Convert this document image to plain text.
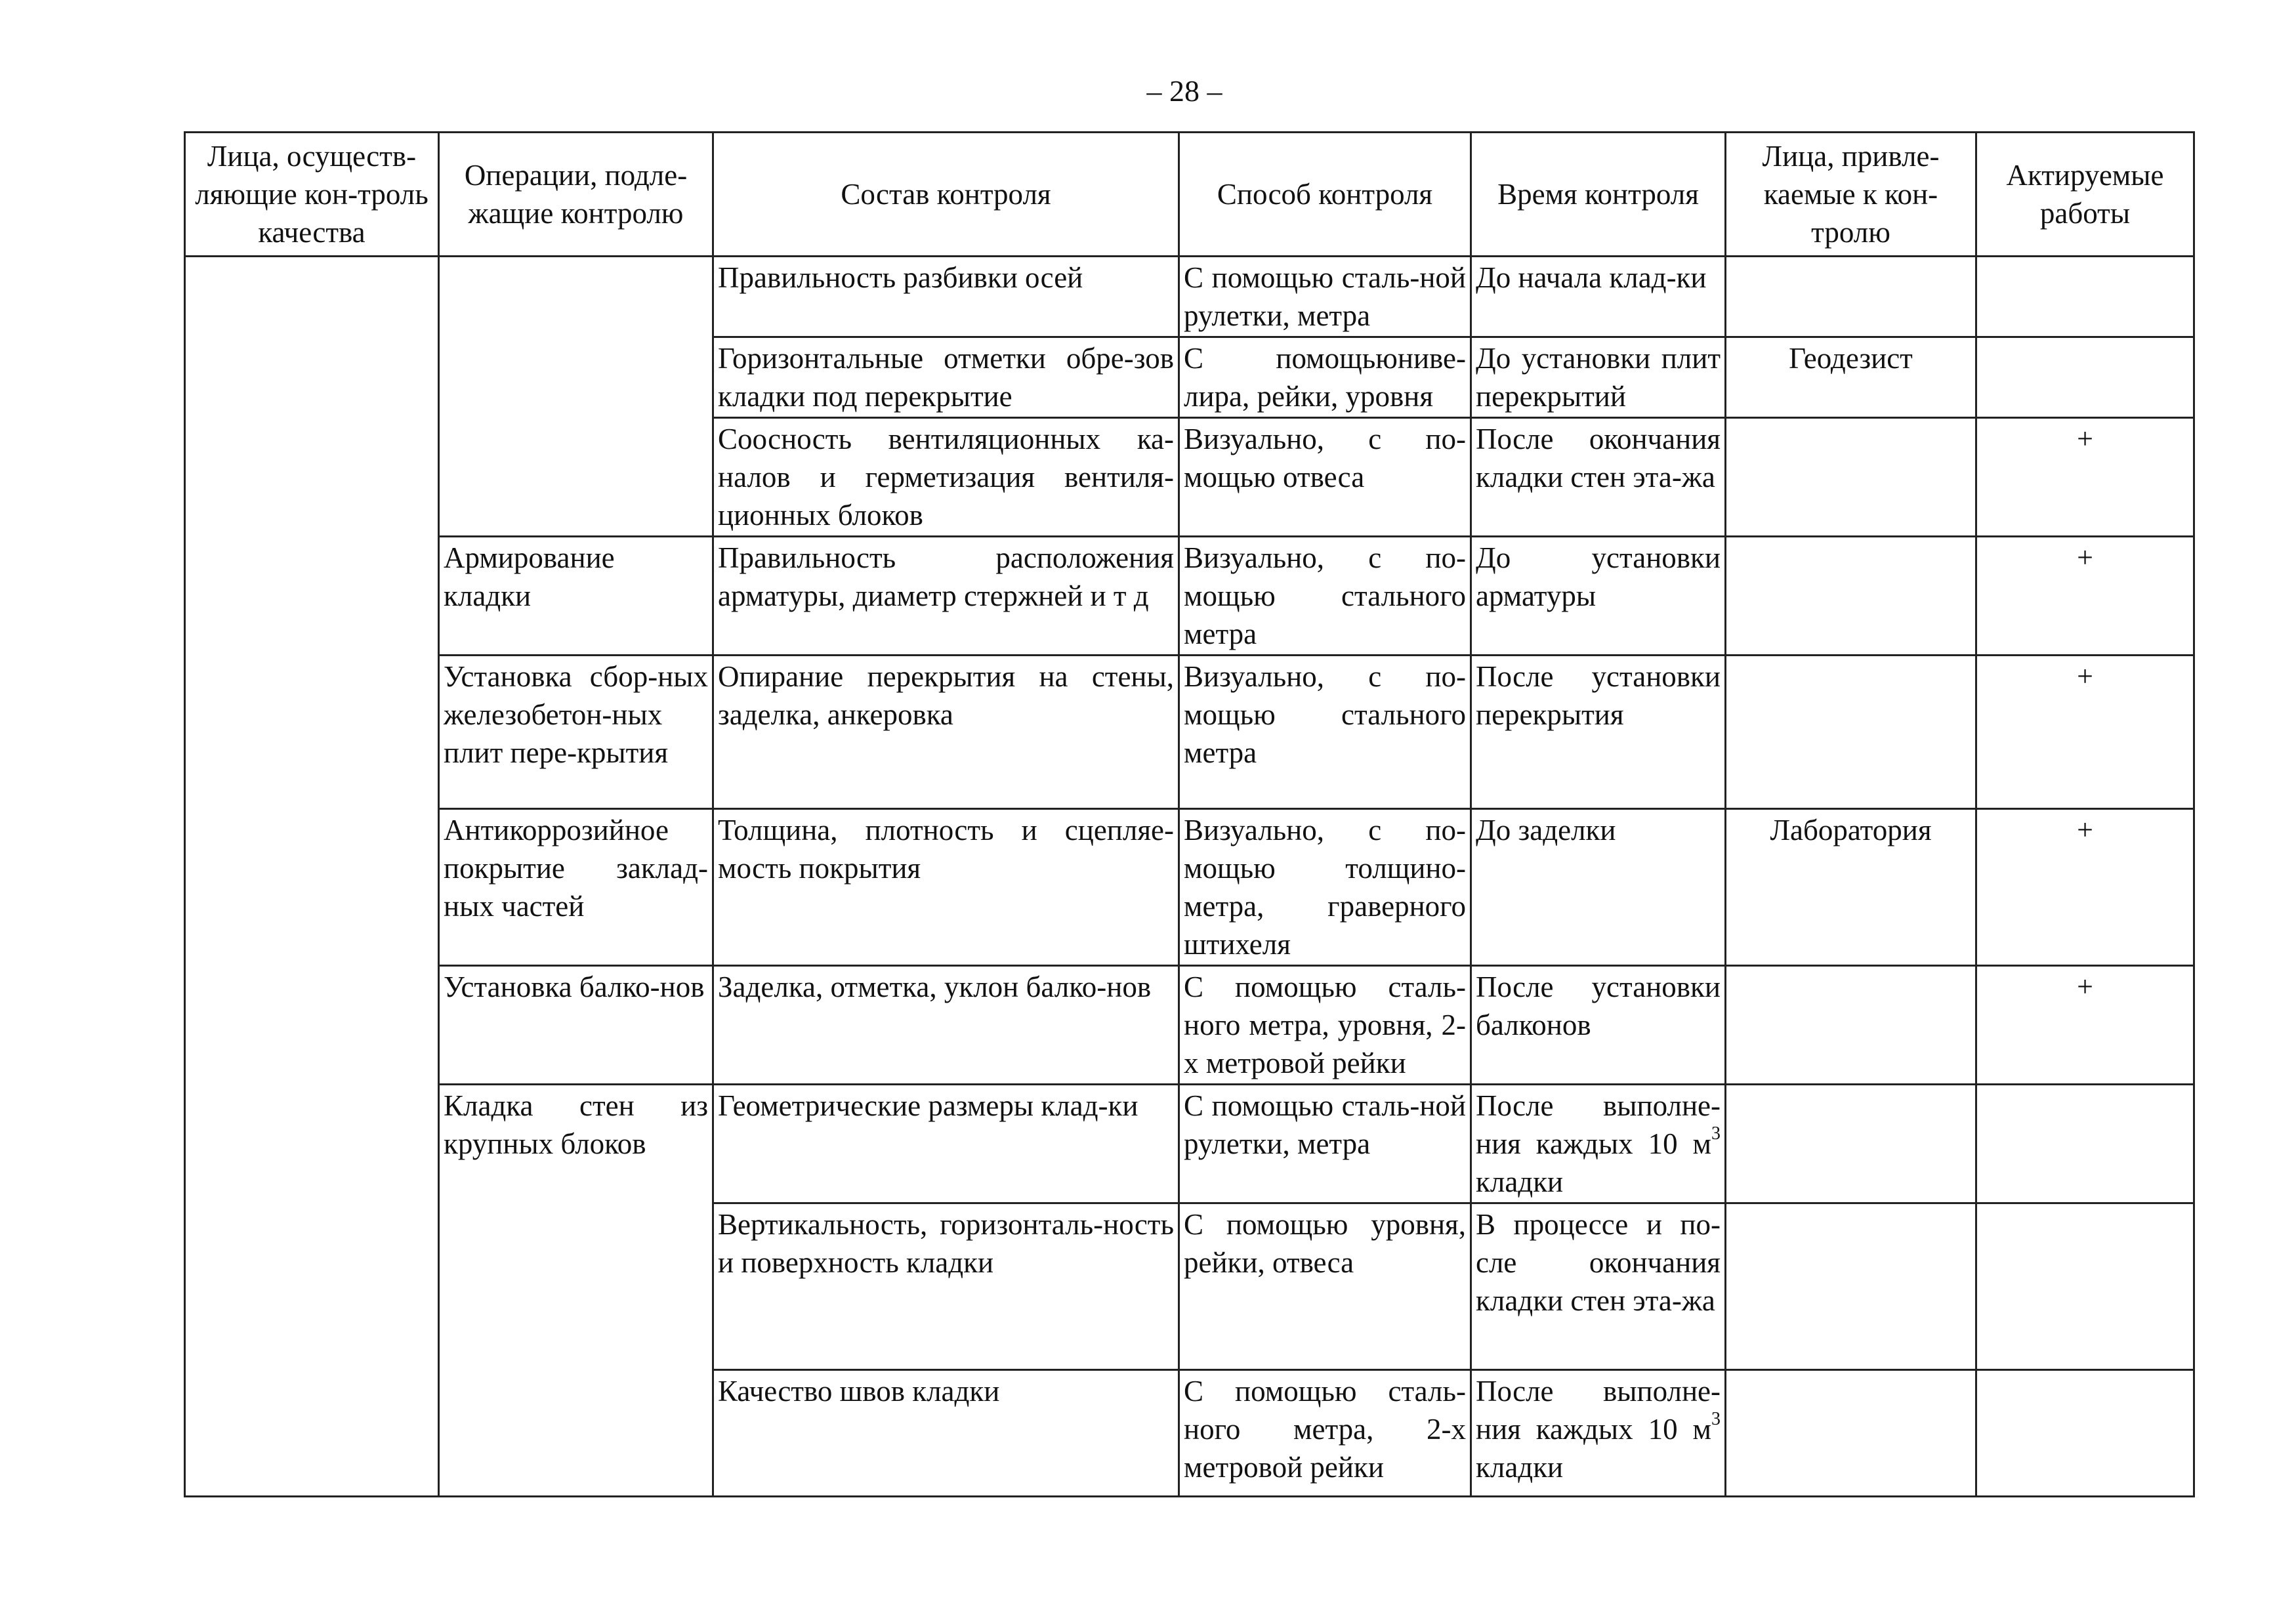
– 28 –
Лица, осуществ-ляющие кон-троль качества	Операции, подле-жащие контролю	Состав контроля	Способ контроля	Время контроля	Лица, привле-каемые к кон-тролю	Актируемые работы
		Правильность разбивки осей	С помощью сталь-ной рулетки, метра	До начала клад-ки		
		Горизонтальные отметки обре-зов кладки под перекрытие	С помощьюниве-лира, рейки, уровня	До установки плит перекрытий	Геодезист	
		Соосность вентиляционных ка-налов и герметизация вентиля-ционных блоков	Визуально, с по-мощью отвеса	После окончания кладки стен эта-жа		+
	Армирование кладки	Правильность расположения арматуры, диаметр стержней и т д	Визуально, с по-мощью стального метра	До установки арматуры		+
	Установка сбор-ных железобетон-ных плит пере-крытия	Опирание перекрытия на стены, заделка, анкеровка	Визуально, с по-мощью стального метра	После установки перекрытия		+
	Антикоррозийное покрытие заклад-ных частей	Толщина, плотность и сцепляе-мость покрытия	Визуально, с по-мощью толщино-метра, граверного штихеля	До заделки	Лаборатория	+
	Установка балко-нов	Заделка, отметка, уклон балко-нов	С помощью сталь-ного метра, уровня, 2-х метровой рейки	После установки балконов		+
	Кладка стен из крупных блоков	Геометрические размеры клад-ки	С помощью сталь-ной рулетки, метра	После выполне-ния каждых 10 $м^3$ кладки		
		Вертикальность, горизонталь-ность и поверхность кладки	С помощью уровня, рейки, отвеса	В процессе и по-сле окончания кладки стен эта-жа		
		Качество швов кладки	С помощью сталь-ного метра, 2-х метровой рейки	После выполне-ния каждых 10 $м^3$ кладки		
